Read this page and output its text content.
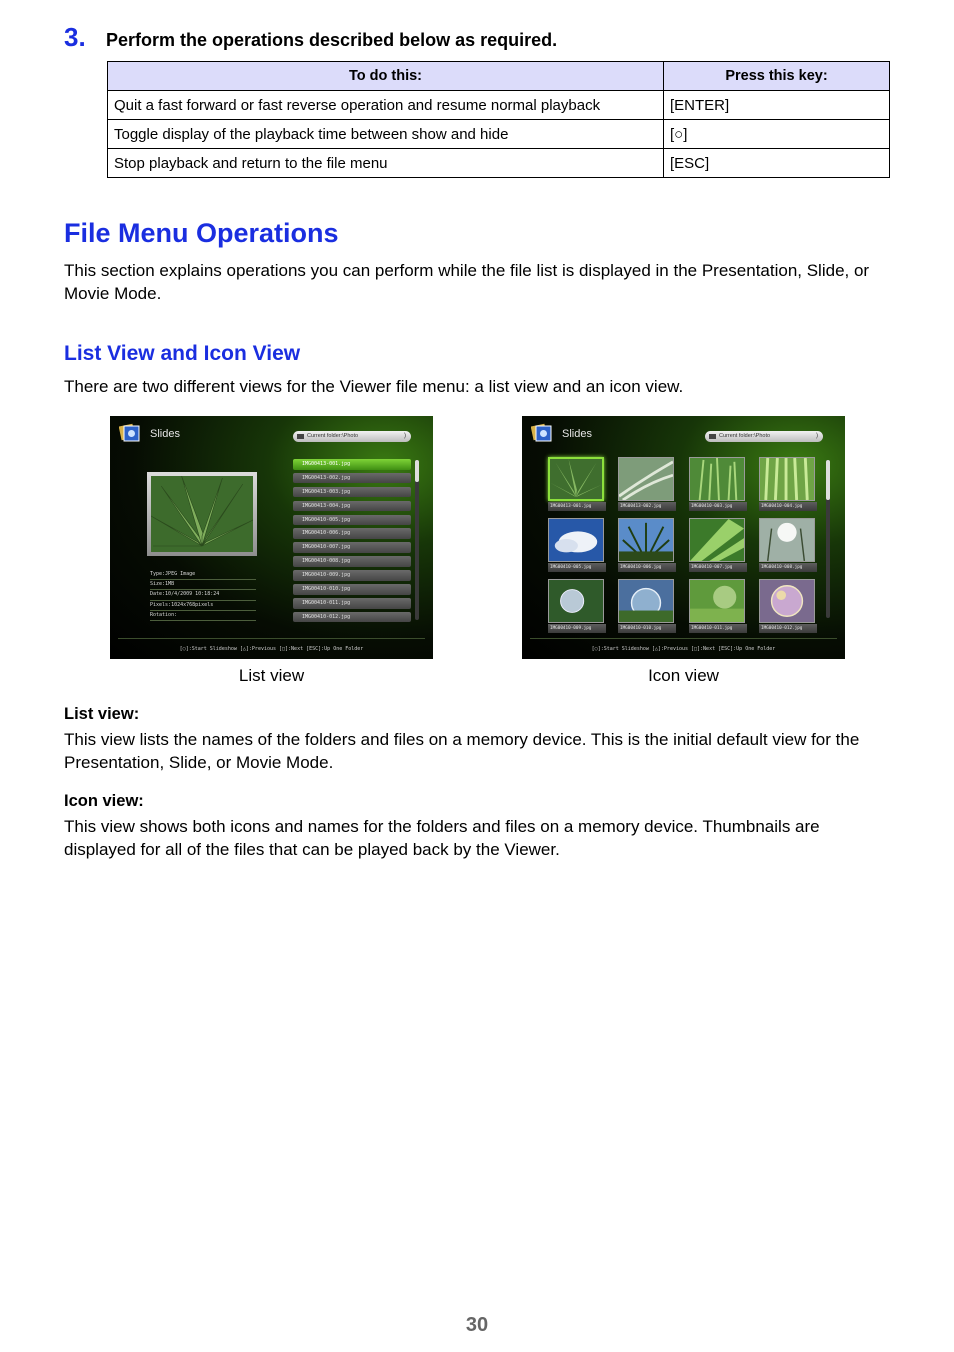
3.	Perform the operations described below as required.
To do this:	Press this key:
Quit a fast forward or fast reverse operation and resume normal playback	[ENTER]
Toggle display of the playback time between show and hide	[○]
Stop playback and return to the file menu	[ESC]
File Menu Operations

This section explains operations you can perform while the file list is displayed in the Presentation, Slide, or Movie Mode.

List View and Icon View

There are two different views for the Viewer file menu: a list view and an icon view.

Slides	Current folder:\Photo	)
Type:JPEG Image
Size:1MB
Date:10/4/2009 10:18:24
Pixels:1024x768pixels
Rotation:
IMG00413-001.jpg
IMG00413-002.jpg
IMG00413-003.jpg
IMG00413-004.jpg
IMG00410-005.jpg
IMG00410-006.jpg
IMG00410-007.jpg
IMG00410-008.jpg
IMG00410-009.jpg
IMG00410-010.jpg
IMG00410-011.jpg
IMG00410-012.jpg
[○]:Start Slideshow [△]:Previous [□]:Next [ESC]:Up One Folder
Slides	Current folder:\Photo	)
IMG00413-001.jpg	IMG00413-002.jpg	IMG00410-003.jpg	IMG00410-004.jpg
IMG00410-005.jpg	IMG00410-006.jpg	IMG00410-007.jpg	IMG00410-008.jpg
IMG00410-009.jpg	IMG00410-010.jpg	IMG00410-011.jpg	IMG00410-012.jpg
[○]:Start Slideshow [△]:Previous [□]:Next [ESC]:Up One Folder
List view	Icon view
List view:

This view lists the names of the folders and files on a memory device. This is the initial default view for the Presentation, Slide, or Movie Mode.

Icon view:

This view shows both icons and names for the folders and files on a memory device. Thumbnails are displayed for all of the files that can be played back by the Viewer.

30
